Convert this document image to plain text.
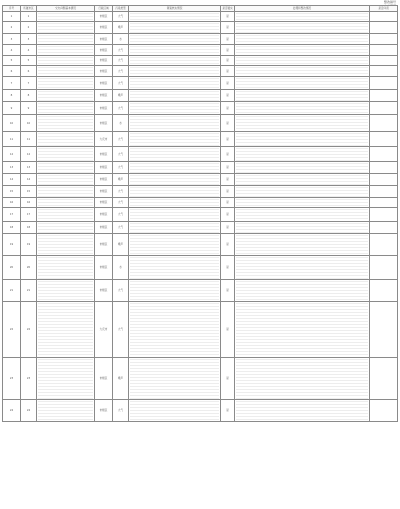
整改销号
序号	所属市区	交办问题基本情况	行政区域	污染类型	调查核实情况	是否属实	处理和整改情况	是否问责
1	1		市辖区	大气		是	

2	2		市辖区	噪声		是	

3	3		市辖区	水		是	

4	4		市辖区	大气		是	

5	5		市辖区	大气		是	

6	6		市辖区	大气		是	

7	7		市辖区	大气		是	

8	8		市辖区	噪声		是	

9	9		市辖区	大气		是	

10	10		市辖区	水		是	

11	11		大庆市	大气		是	

12	12		市辖区	大气		是	

13	13		市辖区	大气		是	

14	14		市辖区	噪声		是	

15	15		市辖区	大气		是	

16	16		市辖区	大气		是	

17	17		市辖区	大气		是	

18	18		市辖区	大气		是	

19	19		市辖区	噪声		是	

20	20		市辖区	水		是	

21	21		市辖区	大气		是	

22	22		大庆市	大气		是	

23	23		市辖区	噪声		是	

24	24		市辖区	大气		是	
